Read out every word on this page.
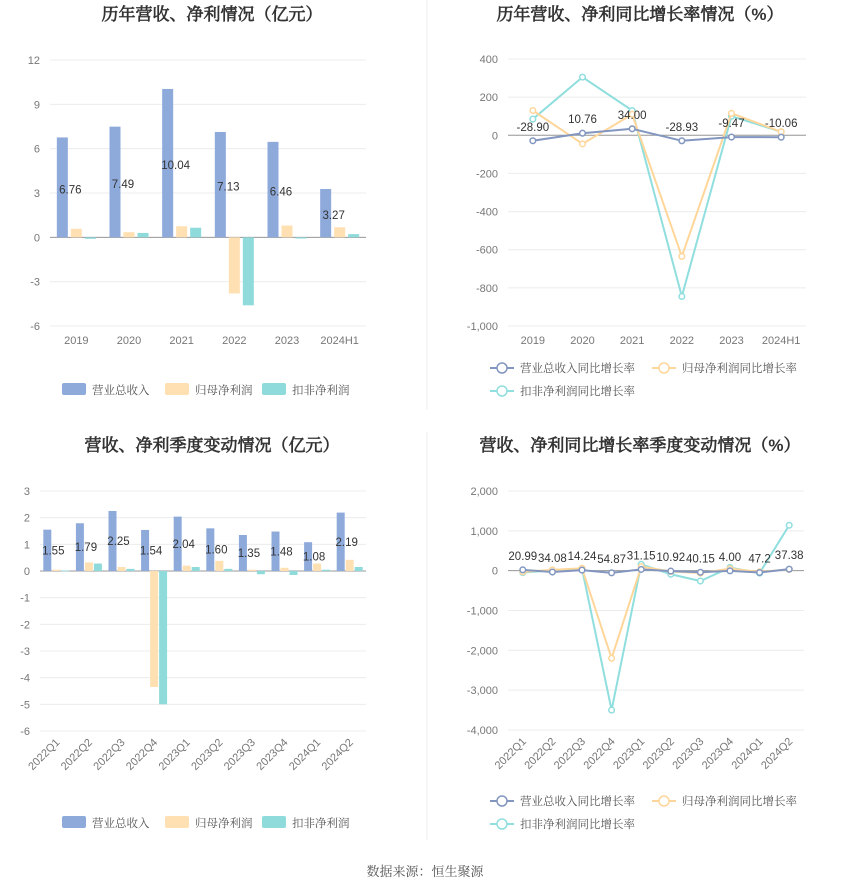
历年营收、净利情况（亿元）
-6
-3
0
3
6
9
12
2019	2020	2021	2022	2023 2024H1
6.76	7.49
10.04
7.13	6.46
3.27
营业总收入	归母净利润	扣非净利润
历年营收、净利同比增长率情况（%）
-1,000
-800
-600
-400
-200
0
200
400
2019 2020 2021 2022 2023 2024H1
-28.90
10.76 34.00
-28.93 -9.47 -10.06
营业总收入同比增长率	归母净利润同比增长率
扣非净利润同比增长率
营收、净利季度变动情况（亿元）
-6
-5
-4
-3
-2
-1
0
1
2
3
2022Q1
2022Q2
2022Q3
2022Q4
2023Q1
2023Q2
2023Q3
2023Q4
2024Q1
2024Q2
1.55 1.79
2.25
1.54
2.04 1.60 1.35 1.48 1.08
2.19
营业总收入	归母净利润	扣非净利润
营收、净利同比增长率季度变动情况（%）
-4,000
-3,000
-2,000
-1,000
0
1,000
2,000
2022Q1
2022Q2
2022Q3
2022Q4
2023Q1
2023Q2
2023Q3
2023Q4
2024Q1
2024Q2
20.99 34.08 14.24 54.87 31.15 10.92 40.15 4.00 47.2 37.38
营业总收入同比增长率	归母净利润同比增长率
扣非净利润同比增长率
数据来源：恒生聚源
